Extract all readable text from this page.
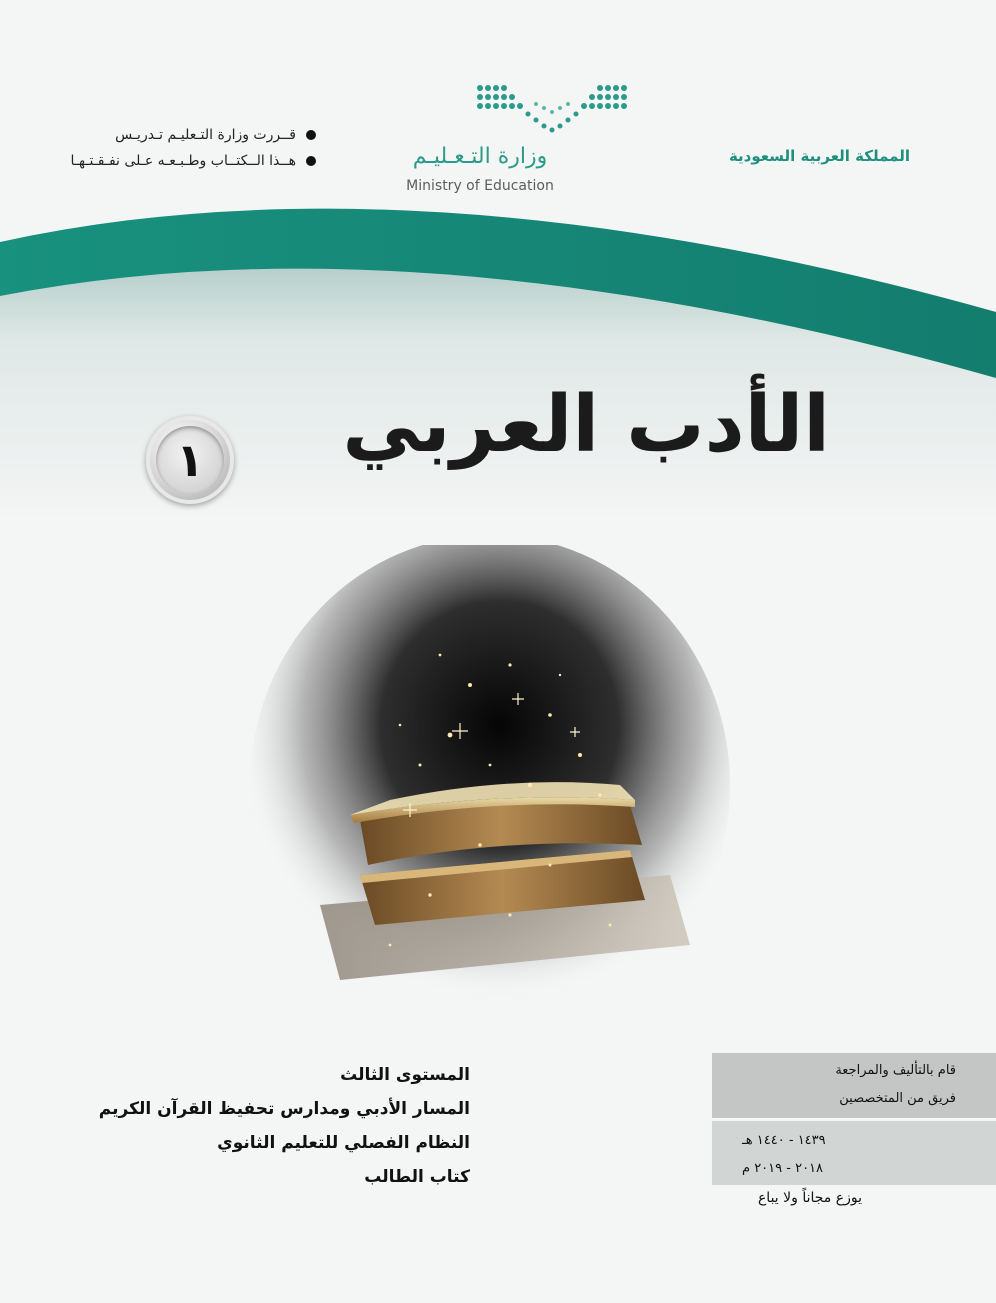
قــررت وزارة التـعليـم تـدريـس
هــذا الــكتــاب وطـبـعـه عـلى نفـقـتـهـا	وزارة التـعـليـم
Ministry of Education
المملكة العربية السعودية
الأدب العربي
١
المستوى الثالث
المسار الأدبي ومدارس تحفيظ القرآن الكريم
النظام الفصلي للتعليم الثانوي
كتاب الطالب
قام بالتأليف والمراجعة
فريق من المتخصصين
١٤٣٩ - ١٤٤٠ هـ
٢٠١٨ - ٢٠١٩ م
يوزع مجاناً ولا يباع
